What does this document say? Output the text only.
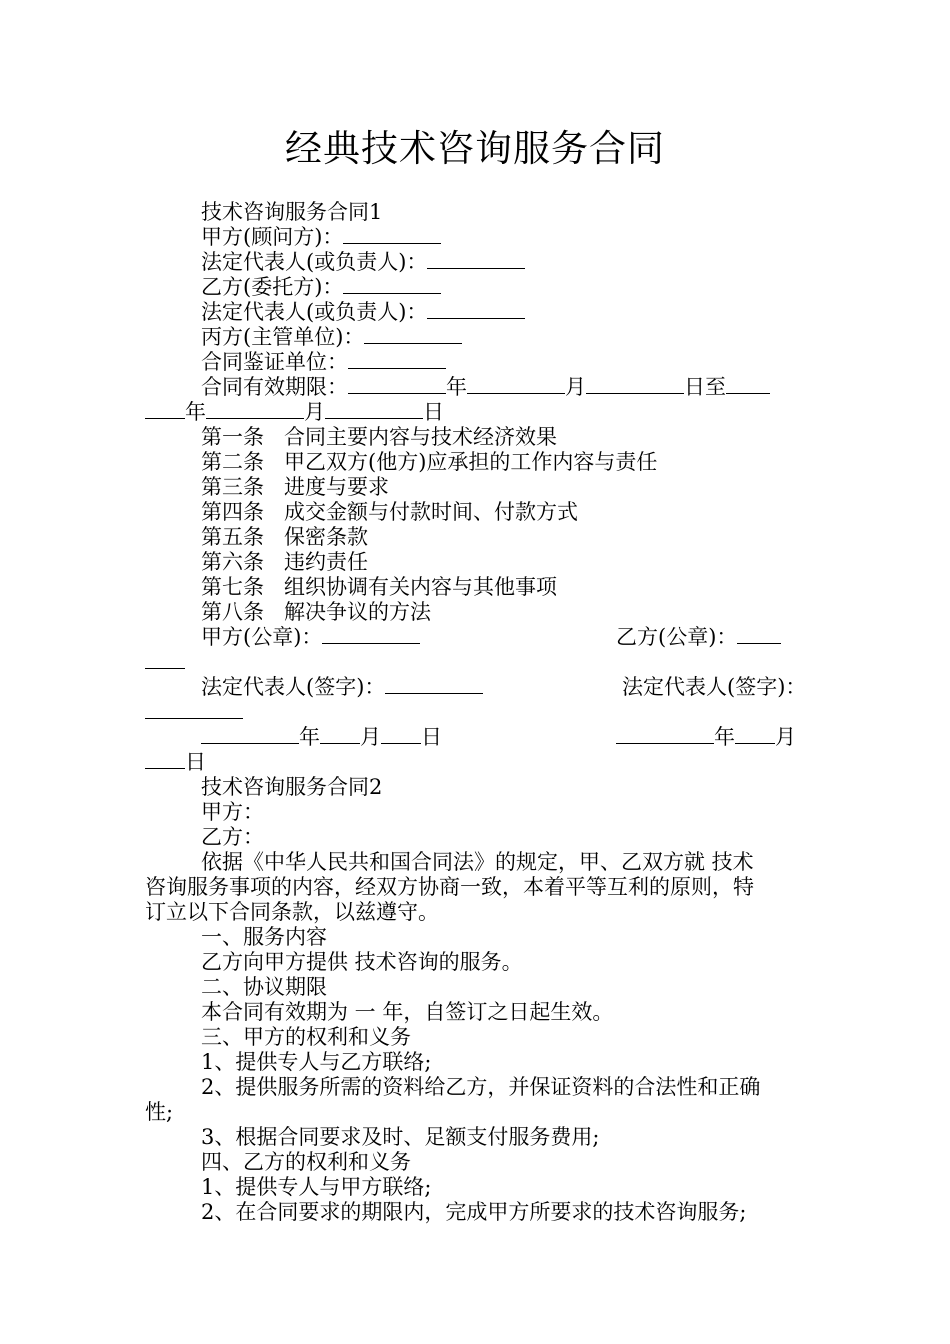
经典技术咨询服务合同
技术咨询服务合同1
甲方(顾问方)：
法定代表人(或负责人)：
乙方(委托方)：
法定代表人(或负责人)：
丙方(主管单位)：
合同鉴证单位：
合同有效期限：	年	月	日至
年	月	日
第一条 合同主要内容与技术经济效果
第二条 甲乙双方(他方)应承担的工作内容与责任
第三条 进度与要求
第四条 成交金额与付款时间、付款方式
第五条 保密条款
第六条 违约责任
第七条 组织协调有关内容与其他事项
第八条 解决争议的方法
甲方(公章)：	乙方(公章)：
法定代表人(签字)：	法定代表人(签字)：
年 月 日	年 月
日
技术咨询服务合同2
甲方：
乙方：
依据《中华人民共和国合同法》的规定，甲、乙双方就 技术
咨询服务事项的内容，经双方协商一致，本着平等互利的原则，特
订立以下合同条款，以兹遵守。
一、服务内容
乙方向甲方提供 技术咨询的服务。
二、协议期限
本合同有效期为 一 年，自签订之日起生效。
三、甲方的权利和义务
1、提供专人与乙方联络;
2、提供服务所需的资料给乙方，并保证资料的合法性和正确
性;
3、根据合同要求及时、足额支付服务费用;
四、乙方的权利和义务
1、提供专人与甲方联络;
2、在合同要求的期限内，完成甲方所要求的技术咨询服务;
